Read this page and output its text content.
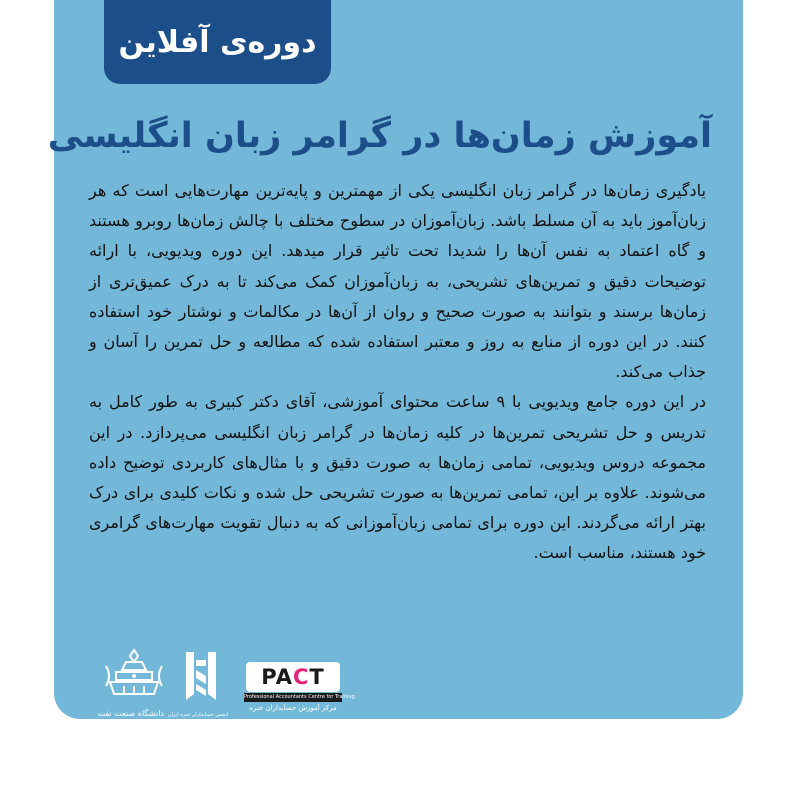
دوره‌ی آفلاین
آموزش زمان‌ها در گرامر زبان انگلیسی

یادگیری زمان‌ها در گرامر زبان انگلیسی یکی از مهمترین و پایه‌ترین مهارت‌هایی است که هر زبان‌آموز باید به آن مسلط باشد. زبان‌آموزان در سطوح مختلف با چالش زمان‌ها روبرو هستند و گاه اعتماد به نفس آن‌ها را شدیدا تحت تاثیر قرار میدهد. این دوره ویدیویی، با ارائه توضیحات دقیق و تمرین‌های تشریحی، به زبان‌آموزان کمک می‌کند تا به درک عمیق‌تری از زمان‌ها برسند و بتوانند به صورت صحیح و روان از آن‌ها در مکالمات و نوشتار خود استفاده کنند. در این دوره از منابع به روز و معتبر استفاده شده که مطالعه و حل تمرین را آسان و جذاب می‌کند.

در این دوره جامع ویدیویی با ۹ ساعت محتوای آموزشی، آقای دکتر کبیری به طور کامل به تدریس و حل تشریحی تمرین‌ها در کلیه زمان‌ها در گرامر زبان انگلیسی می‌پردازد. در این مجموعه دروس ویدیویی، تمامی زمان‌ها به صورت دقیق و با مثال‌های کاربردی توضیح داده می‌شوند. علاوه بر این، تمامی تمرین‌ها به صورت تشریحی حل شده و نکات کلیدی برای درک بهتر ارائه می‌گردند. این دوره برای تمامی زبان‌آموزانی که به دنبال تقویت مهارت‌های گرامری خود هستند، مناسب است.

دانشگاه صنعت نفت انجمن حسابداران خبره ایران
PA C T
Professional Accountants Centre for Training
مرکز آموزش حسابداران خبره
